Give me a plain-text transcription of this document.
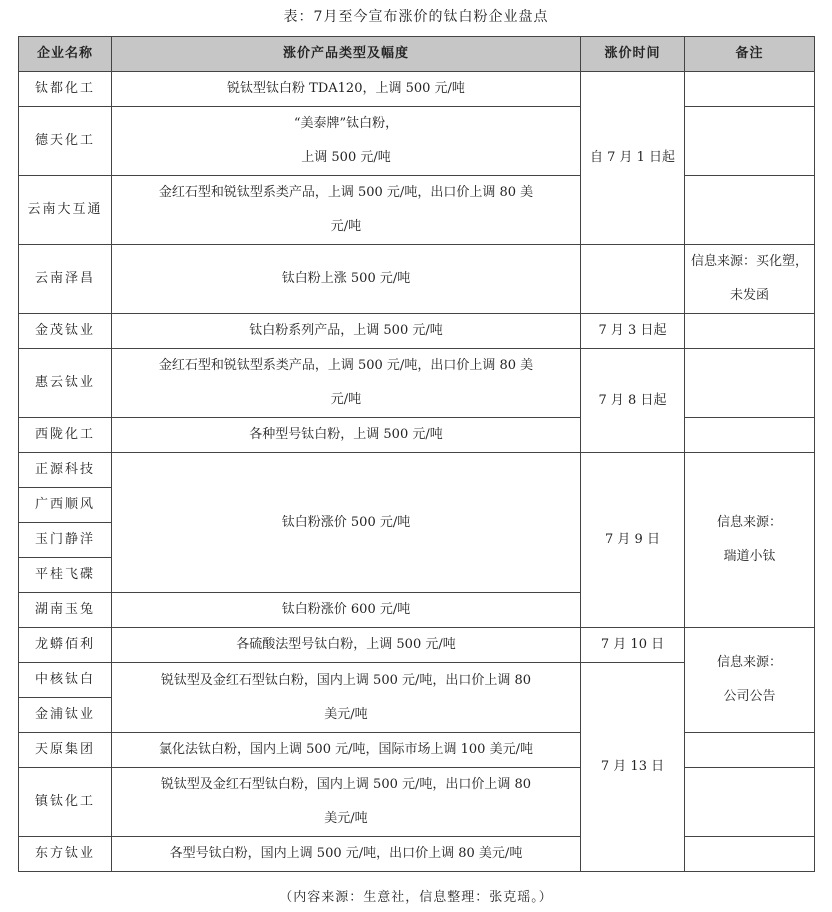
表：7月至今宣布涨价的钛白粉企业盘点
企业名称	涨价产品类型及幅度	涨价时间	备注
钛都化工	锐钛型钛白粉 TDA120，上调 500 元/吨	自 7 月 1 日起	
德天化工	“美泰牌”钛白粉，
上调 500 元/吨		

云南大互通	金红石型和锐钛型系类产品，上调 500 元/吨，出口价上调 80 美
元/吨		

云南泽昌	钛白粉上涨 500 元/吨		信息来源：买化塑，
未发函

金茂钛业	钛白粉系列产品，上调 500 元/吨	7 月 3 日起	
惠云钛业	金红石型和锐钛型系类产品，上调 500 元/吨，出口价上调 80 美
元/吨	7 月 8 日起	
西陇化工	各种型号钛白粉，上调 500 元/吨		
正源科技	钛白粉涨价 500 元/吨	7 月 9 日	信息来源：
瑞道小钛

广西顺风			
玉门静洋			
平桂飞碟			
湖南玉兔	钛白粉涨价 600 元/吨		
龙蟒佰利	各硫酸法型号钛白粉，上调 500 元/吨	7 月 10 日	信息来源：
公司公告

中核钛白	锐钛型及金红石型钛白粉，国内上调 500 元/吨，出口价上调 80
美元/吨	7 月 13 日	
金浦钛业			
天原集团	氯化法钛白粉，国内上调 500 元/吨，国际市场上调 100 美元/吨		
镇钛化工	锐钛型及金红石型钛白粉，国内上调 500 元/吨，出口价上调 80
美元/吨		

东方钛业	各型号钛白粉，国内上调 500 元/吨，出口价上调 80 美元/吨		
（内容来源：生意社，信息整理：张克瑶。）
